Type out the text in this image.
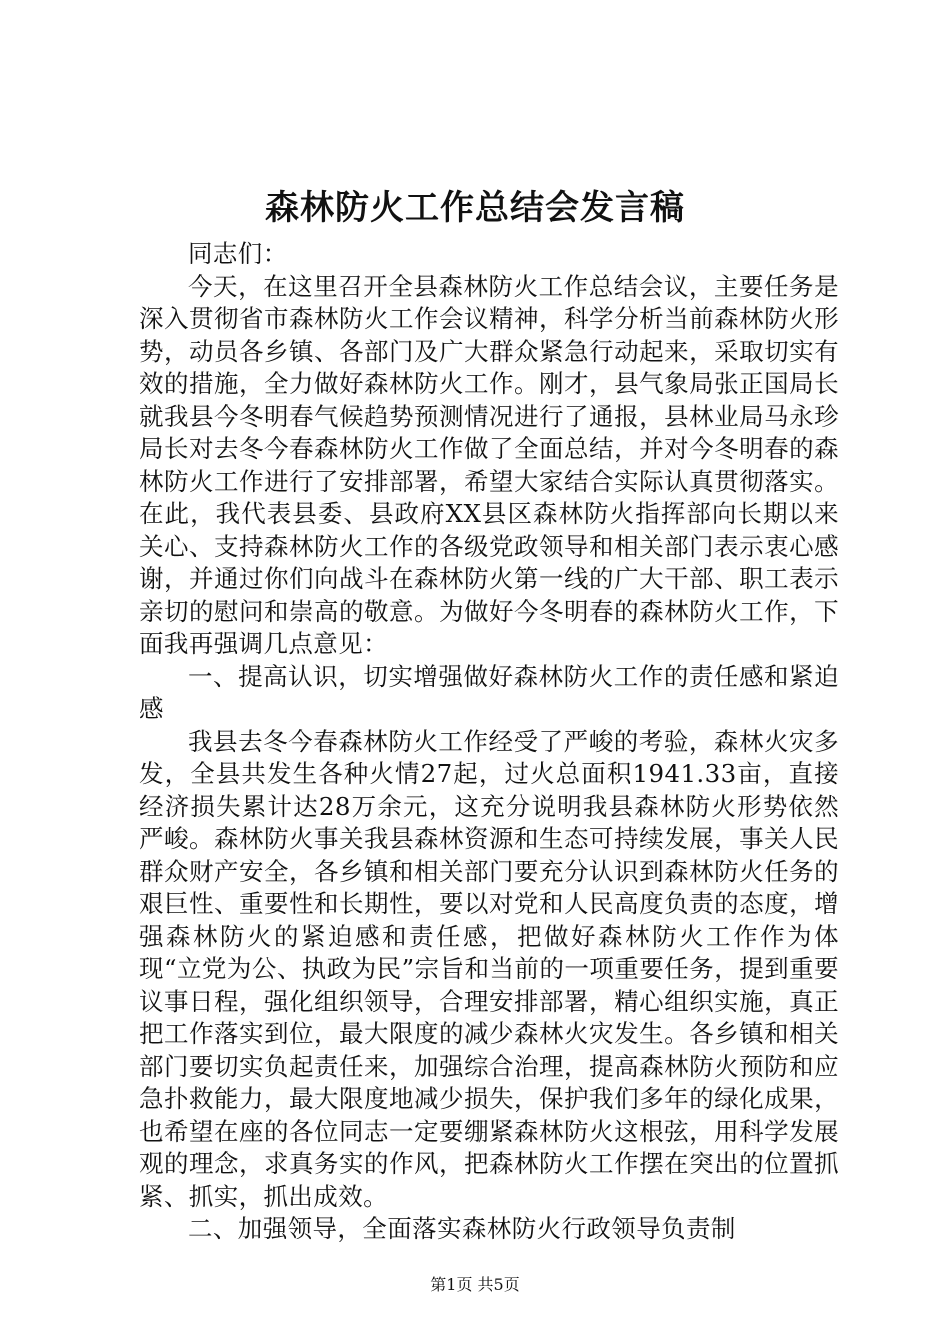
森林防火工作总结会发言稿

同志们：

今天，在这里召开全县森林防火工作总结会议，主要任务是深入贯彻省市森林防火工作会议精神，科学分析当前森林防火形势，动员各乡镇、各部门及广大群众紧急行动起来，采取切实有效的措施，全力做好森林防火工作。刚才，县气象局张正国局长就我县今冬明春气候趋势预测情况进行了通报，县林业局马永珍局长对去冬今春森林防火工作做了全面总结，并对今冬明春的森林防火工作进行了安排部署，希望大家结合实际认真贯彻落实。在此，我代表县委、县政府XX县区森林防火指挥部向长期以来关心、支持森林防火工作的各级党政领导和相关部门表示衷心感谢，并通过你们向战斗在森林防火第一线的广大干部、职工表示亲切的慰问和崇高的敬意。为做好今冬明春的森林防火工作，下面我再强调几点意见：

一、提高认识，切实增强做好森林防火工作的责任感和紧迫感

我县去冬今春森林防火工作经受了严峻的考验，森林火灾多发，全县共发生各种火情27起，过火总面积1941.33亩，直接经济损失累计达28万余元，这充分说明我县森林防火形势依然严峻。森林防火事关我县森林资源和生态可持续发展，事关人民群众财产安全，各乡镇和相关部门要充分认识到森林防火任务的艰巨性、重要性和长期性，要以对党和人民高度负责的态度，增强森林防火的紧迫感和责任感，把做好森林防火工作作为体现“立党为公、执政为民”宗旨和当前的一项重要任务，提到重要议事日程，强化组织领导，合理安排部署，精心组织实施，真正把工作落实到位，最大限度的减少森林火灾发生。各乡镇和相关部门要切实负起责任来，加强综合治理，提高森林防火预防和应急扑救能力，最大限度地减少损失，保护我们多年的绿化成果，也希望在座的各位同志一定要绷紧森林防火这根弦，用科学发展观的理念，求真务实的作风，把森林防火工作摆在突出的位置抓紧、抓实，抓出成效。

二、加强领导，全面落实森林防火行政领导负责制

第1页 共5页
